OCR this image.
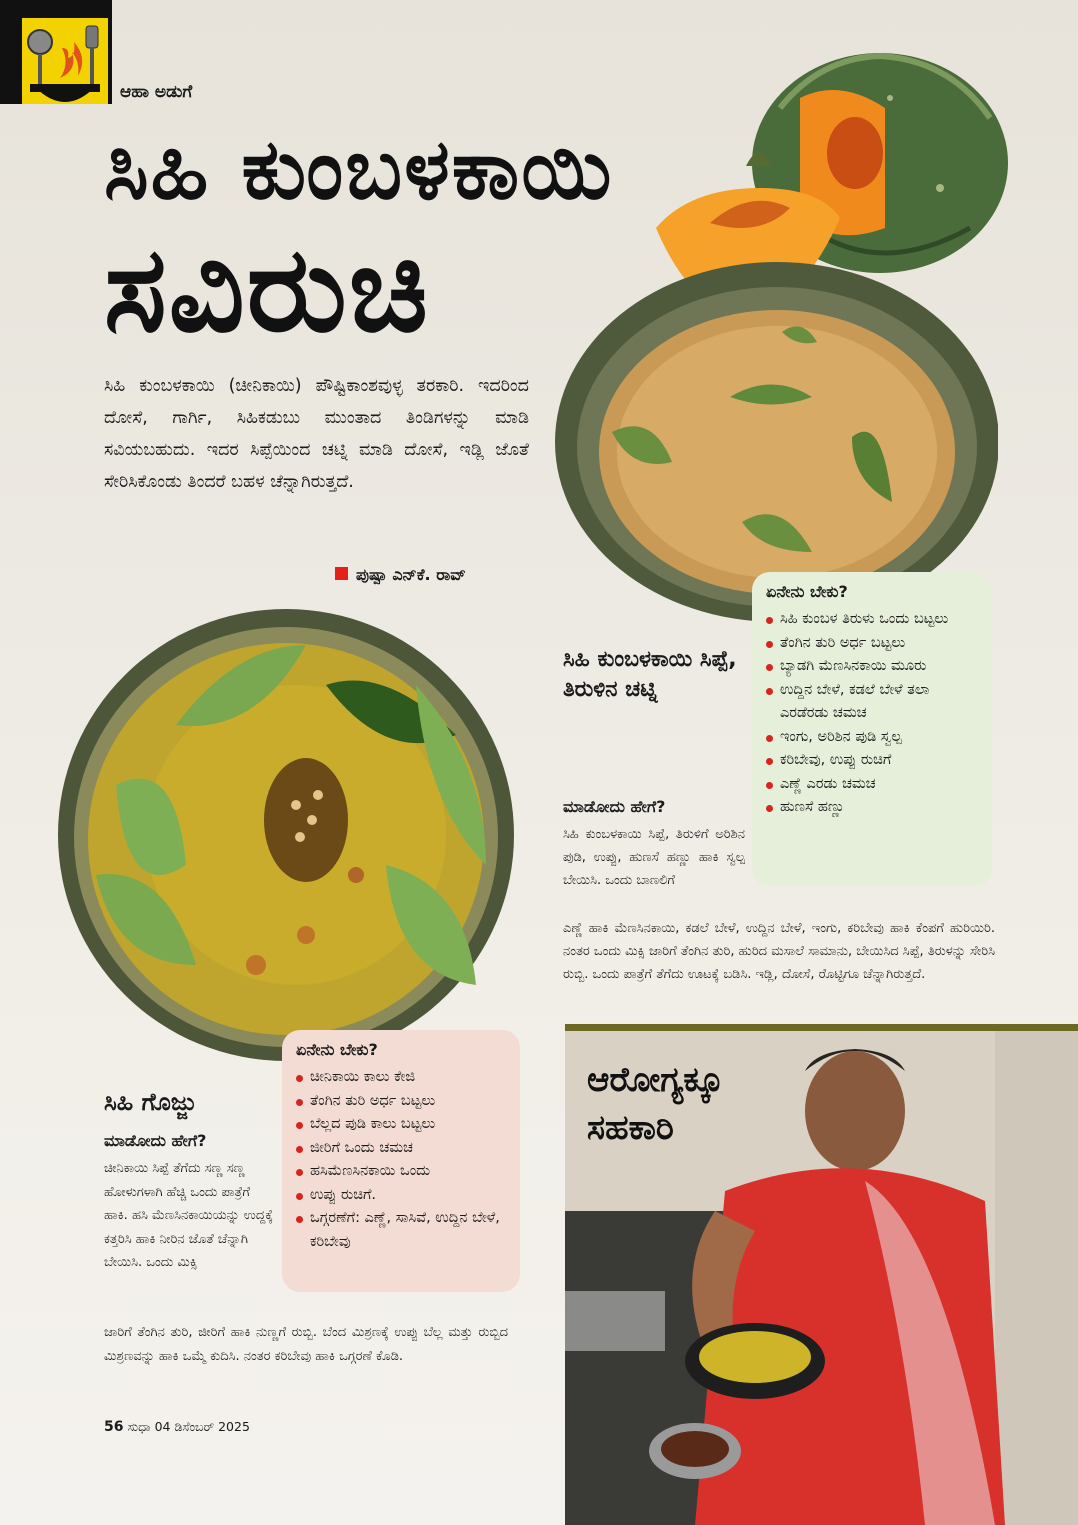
ಆಹಾ ಅಡುಗೆ
ಸಿಹಿ ಕುಂಬಳಕಾಯಿ
ಸವಿರುಚಿ
ಸಿಹಿ ಕುಂಬಳಕಾಯಿ (ಚೀನಿಕಾಯಿ) ಪೌಷ್ಟಿಕಾಂಶವುಳ್ಳ ತರಕಾರಿ. ಇದರಿಂದ ದೋಸೆ, ಗಾರ್ಗಿ, ಸಿಹಿಕಡುಬು ಮುಂತಾದ ತಿಂಡಿಗಳನ್ನು ಮಾಡಿ ಸವಿಯಬಹುದು. ಇದರ ಸಿಪ್ಪೆಯಿಂದ ಚಟ್ನಿ ಮಾಡಿ ದೋಸೆ, ಇಡ್ಲಿ ಜೊತೆ ಸೇರಿಸಿಕೊಂಡು ತಿಂದರೆ ಬಹಳ ಚೆನ್ನಾಗಿರುತ್ತದೆ.
ಪುಷ್ಪಾ ಎನ್‌ಕೆ. ರಾವ್
ಏನೇನು ಬೇಕು?
ಸಿಹಿ ಕುಂಬಳ ತಿರುಳು ಒಂದು ಬಟ್ಟಲು
ತೆಂಗಿನ ತುರಿ ಅರ್ಧ ಬಟ್ಟಲು
ಬ್ಯಾಡಗಿ ಮೆಣಸಿನಕಾಯಿ ಮೂರು
ಉದ್ದಿನ ಬೇಳೆ, ಕಡಲೆ ಬೇಳೆ ತಲಾ ಎರಡೆರಡು ಚಮಚ
ಇಂಗು, ಅರಿಶಿನ ಪುಡಿ ಸ್ವಲ್ಪ
ಕರಿಬೇವು, ಉಪ್ಪು ರುಚಿಗೆ
ಎಣ್ಣೆ ಎರಡು ಚಮಚ
ಹುಣಸೆ ಹಣ್ಣು
ಸಿಹಿ ಕುಂಬಳಕಾಯಿ ಸಿಪ್ಪೆ, ತಿರುಳಿನ ಚಟ್ನಿ
ಮಾಡೋದು ಹೇಗೆ?
ಸಿಹಿ ಕುಂಬಳಕಾಯಿ ಸಿಪ್ಪೆ, ತಿರುಳಿಗೆ ಅರಿಶಿನ ಪುಡಿ, ಉಪ್ಪು, ಹುಣಸೆ ಹಣ್ಣು ಹಾಕಿ ಸ್ವಲ್ಪ ಬೇಯಿಸಿ. ಒಂದು ಬಾಣಲಿಗೆ
ಎಣ್ಣೆ ಹಾಕಿ ಮೆಣಸಿನಕಾಯಿ, ಕಡಲೆ ಬೇಳೆ, ಉದ್ದಿನ ಬೇಳೆ, ಇಂಗು, ಕರಿಬೇವು ಹಾಕಿ ಕೆಂಪಗೆ ಹುರಿಯಿರಿ. ನಂತರ ಒಂದು ಮಿಕ್ಸಿ ಜಾರಿಗೆ ತೆಂಗಿನ ತುರಿ, ಹುರಿದ ಮಸಾಲೆ ಸಾಮಾನು, ಬೇಯಿಸಿದ ಸಿಪ್ಪೆ, ತಿರುಳನ್ನು ಸೇರಿಸಿ ರುಬ್ಬಿ. ಒಂದು ಪಾತ್ರೆಗೆ ತೆಗೆದು ಊಟಕ್ಕೆ ಬಡಿಸಿ. ಇಡ್ಲಿ, ದೋಸೆ, ರೊಟ್ಟಿಗೂ ಚೆನ್ನಾಗಿರುತ್ತದೆ.
ಏನೇನು ಬೇಕು?
ಚೀನಿಕಾಯಿ ಕಾಲು ಕೇಜಿ
ತೆಂಗಿನ ತುರಿ ಅರ್ಧ ಬಟ್ಟಲು
ಬೆಲ್ಲದ ಪುಡಿ ಕಾಲು ಬಟ್ಟಲು
ಜೀರಿಗೆ ಒಂದು ಚಮಚ
ಹಸಿಮೆಣಸಿನಕಾಯಿ ಒಂದು
ಉಪ್ಪು ರುಚಿಗೆ.
ಒಗ್ಗರಣೆಗೆ: ಎಣ್ಣೆ, ಸಾಸಿವೆ, ಉದ್ದಿನ ಬೇಳೆ, ಕರಿಬೇವು
ಸಿಹಿ ಗೊಜ್ಜು
ಮಾಡೋದು ಹೇಗೆ?
ಚೀನಿಕಾಯಿ ಸಿಪ್ಪೆ ತೆಗೆದು ಸಣ್ಣ ಸಣ್ಣ ಹೋಳುಗಳಾಗಿ ಹೆಚ್ಚಿ ಒಂದು ಪಾತ್ರೆಗೆ ಹಾಕಿ. ಹಸಿ ಮೆಣಸಿನಕಾಯಿಯನ್ನು ಉದ್ದಕ್ಕೆ ಕತ್ತರಿಸಿ ಹಾಕಿ ನೀರಿನ ಜೊತೆ ಚೆನ್ನಾಗಿ ಬೇಯಿಸಿ. ಒಂದು ಮಿಕ್ಸಿ
ಜಾರಿಗೆ ತೆಂಗಿನ ತುರಿ, ಜೀರಿಗೆ ಹಾಕಿ ನುಣ್ಣಗೆ ರುಬ್ಬಿ. ಬೆಂದ ಮಿಶ್ರಣಕ್ಕೆ ಉಪ್ಪು ಬೆಲ್ಲ ಮತ್ತು ರುಬ್ಬಿದ ಮಿಶ್ರಣವನ್ನು ಹಾಕಿ ಒಮ್ಮೆ ಕುದಿಸಿ. ನಂತರ ಕರಿಬೇವು ಹಾಕಿ ಒಗ್ಗರಣೆ ಕೊಡಿ.
ಆರೋಗ್ಯಕ್ಕೂ
ಸಹಕಾರಿ
56 ಸುಧಾ 04 ಡಿಸೆಂಬರ್ 2025
